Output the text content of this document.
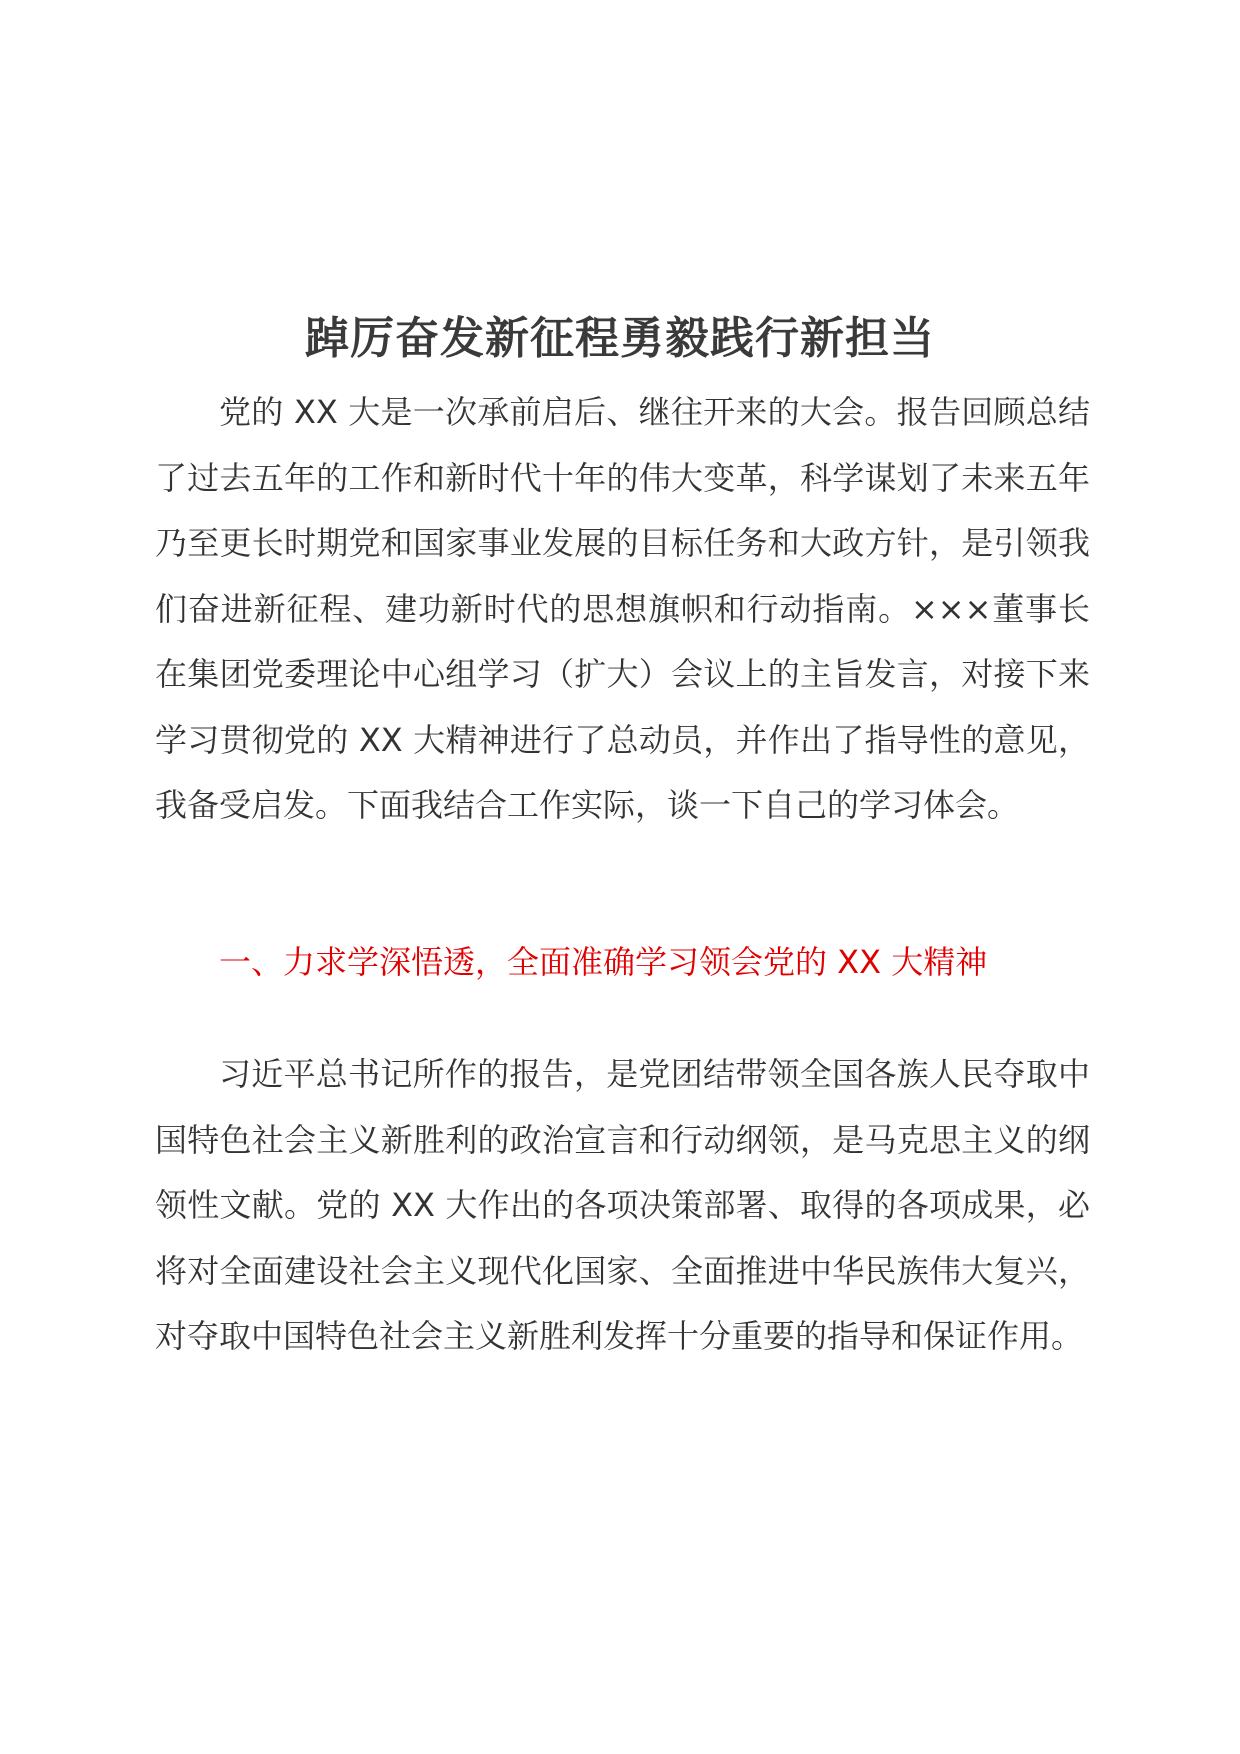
踔厉奋发新征程勇毅践行新担当

党的 XX 大是一次承前启后、继往开来的大会。报告回顾总结了过去五年的工作和新时代十年的伟大变革，科学谋划了未来五年乃至更长时期党和国家事业发展的目标任务和大政方针，是引领我们奋进新征程、建功新时代的思想旗帜和行动指南。×××董事长在集团党委理论中心组学习（扩大）会议上的主旨发言，对接下来学习贯彻党的 XX 大精神进行了总动员，并作出了指导性的意见，我备受启发。下面我结合工作实际，谈一下自己的学习体会。

一、力求学深悟透，全面准确学习领会党的 XX 大精神

习近平总书记所作的报告，是党团结带领全国各族人民夺取中国特色社会主义新胜利的政治宣言和行动纲领，是马克思主义的纲领性文献。党的 XX 大作出的各项决策部署、取得的各项成果，必将对全面建设社会主义现代化国家、全面推进中华民族伟大复兴，对夺取中国特色社会主义新胜利发挥十分重要的指导和保证作用。
